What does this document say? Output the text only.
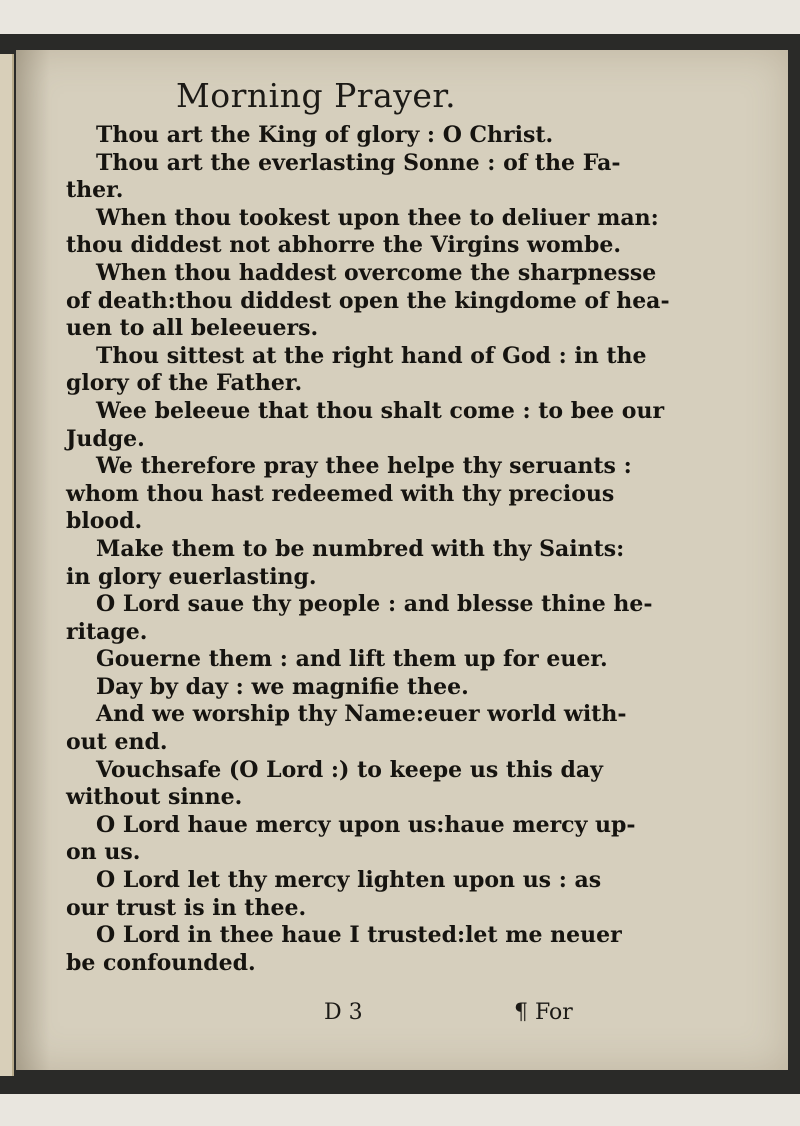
Morning Prayer.
Thou art the King of glory : O Christ.
Thou art the everlasting Sonne : of the Fa-
ther.
When thou tookest upon thee to deliuer man:
thou diddest not abhorre the Virgins wombe.
When thou haddest overcome the sharpnesse
of death:thou diddest open the kingdome of hea-
uen to all beleeuers.
Thou sittest at the right hand of God : in the
glory of the Father.
Wee beleeue that thou shalt come : to bee our
Judge.
We therefore pray thee helpe thy seruants :
whom thou hast redeemed with thy precious
blood.
Make them to be numbred with thy Saints:
in glory euerlasting.
O Lord saue thy people : and blesse thine he-
ritage.
Gouerne them : and lift them up for euer.
Day by day : we magnifie thee.
And we worship thy Name:euer world with-
out end.
Vouchsafe (O Lord :) to keepe us this day
without sinne.
O Lord haue mercy upon us:haue mercy up-
on us.
O Lord let thy mercy lighten upon us : as
our trust is in thee.
O Lord in thee haue I trusted:let me neuer
be confounded.
D 3	¶ For
